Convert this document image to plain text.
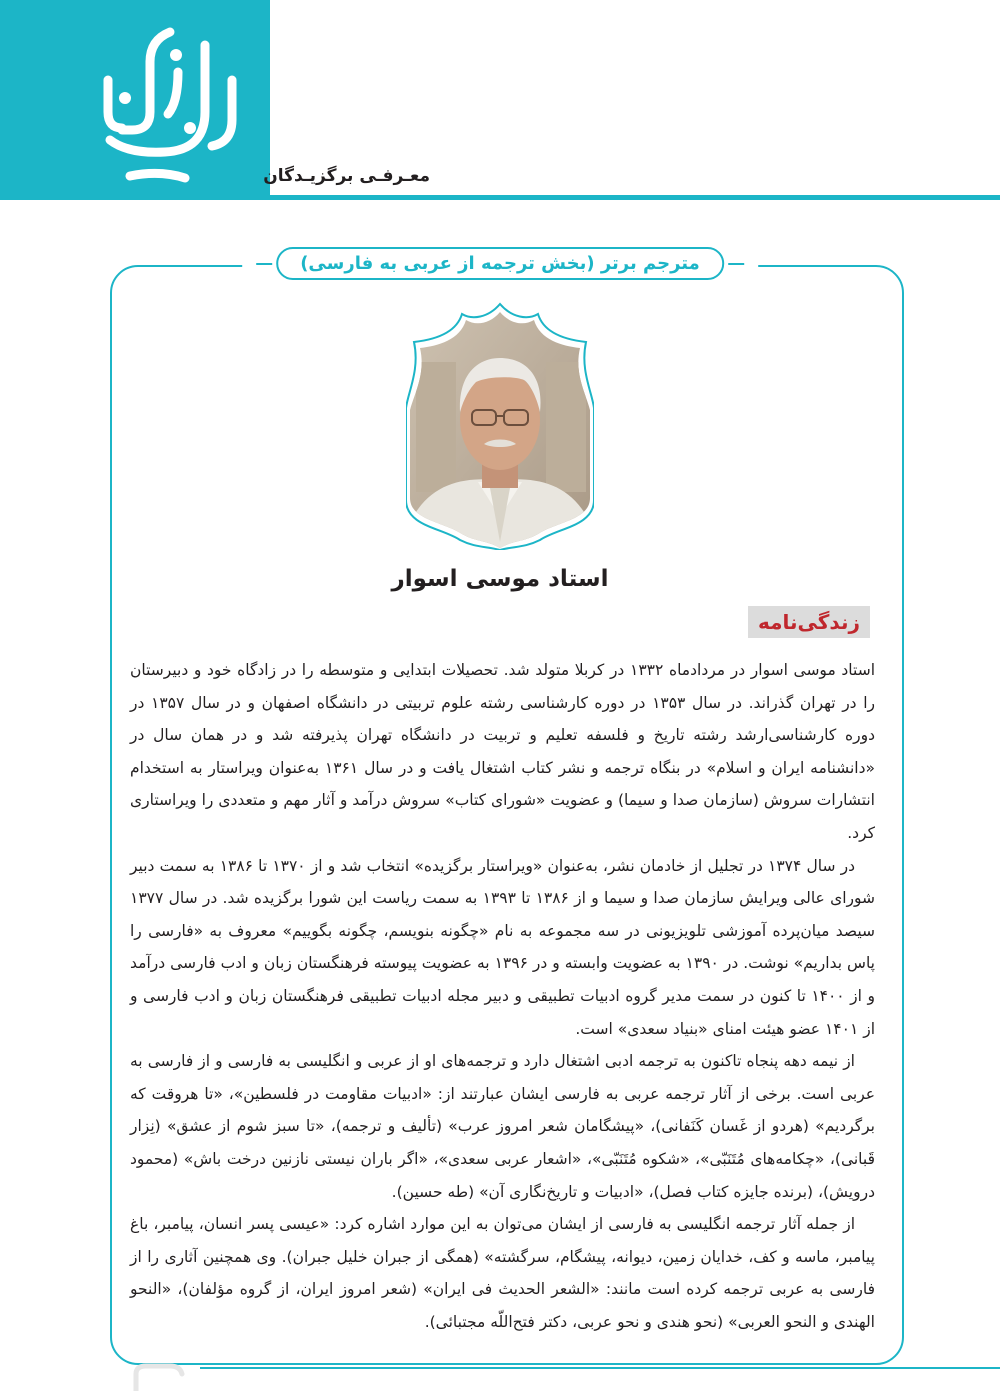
معـرفـی برگزیـدگان
مترجم برتر (بخش ترجمه از عربی به فارسی)
استاد موسی اسوار
زندگی‌نامه

استاد موسی اسوار در مردادماه ۱۳۳۲ در کربلا متولد شد. تحصیلات ابتدایی و متوسطه را در زادگاه خود و دبیرستان را در تهران گذراند. در سال ۱۳۵۳ در دوره کارشناسی رشته علوم تربیتی در دانشگاه اصفهان و در سال ۱۳۵۷ در دوره کارشناسی‌ارشد رشته تاریخ و فلسفه تعلیم و تربیت در دانشگاه تهران پذیرفته شد و در همان سال در «دانشنامه ایران و اسلام» در بنگاه ترجمه و نشر کتاب اشتغال یافت و در سال ۱۳۶۱ به‌عنوان ویراستار به استخدام انتشارات سروش (سازمان صدا و سیما) و عضویت «شورای کتاب» سروش درآمد و آثار مهم و متعددی را ویراستاری کرد.

در سال ۱۳۷۴ در تجلیل از خادمان نشر، به‌عنوان «ویراستار برگزیده» انتخاب شد و از ۱۳۷۰ تا ۱۳۸۶ به سمت دبیر شورای عالی ویرایش سازمان صدا و سیما و از ۱۳۸۶ تا ۱۳۹۳ به سمت ریاست این شورا برگزیده شد. در سال ۱۳۷۷ سیصد میان‌پرده آموزشی تلویزیونی در سه مجموعه به نام «چگونه بنویسم، چگونه بگوییم» معروف به «فارسی را پاس بداریم» نوشت. در ۱۳۹۰ به عضویت وابسته و در ۱۳۹۶ به عضویت پیوسته فرهنگستان زبان و ادب فارسی درآمد و از ۱۴۰۰ تا کنون در سمت مدیر گروه ادبیات تطبیقی و دبیر مجله ادبیات تطبیقی فرهنگستان زبان و ادب فارسی و از ۱۴۰۱ عضو هیئت امنای «بنیاد سعدی» است.

از نیمه دهه پنجاه تاکنون به ترجمه ادبی اشتغال دارد و ترجمه‌های او از عربی و انگلیسی به فارسی و از فارسی به عربی است. برخی از آثار ترجمه عربی به فارسی ایشان عبارتند از: «ادبیات مقاومت در فلسطین»، «تا هروقت که برگردیم» (هردو از غَسان کَنَفانی)، «پیشگامان شعر امروز عرب» (تألیف و ترجمه)، «تا سبز شوم از عشق» (نِزار قَبانی)، «چکامه‌های مُتَنَبّی»، «شکوه مُتَنَبّی»، «اشعار عربی سعدی»، «اگر باران نیستی نازنین درخت باش» (محمود درویش)، (برنده جایزه کتاب فصل)، «ادبیات و تاریخ‌نگاری آن» (طه حسین).

از جمله آثار ترجمه انگلیسی به فارسی از ایشان می‌توان به این موارد اشاره کرد: «عیسی پسر انسان، پیامبر، باغ پیامبر، ماسه و کف، خدایان زمین، دیوانه، پیشگام، سرگشته» (همگی از جبران خلیل جبران). وی همچنین آثاری را از فارسی به عربی ترجمه کرده است مانند: «الشعر الحدیث فی ایران» (شعر امروز ایران، از گروه مؤلفان)، «النحو الهندی و النحو العربی» (نحو هندی و نحو عربی، دکتر فتح‌اللّه مجتبائی).
